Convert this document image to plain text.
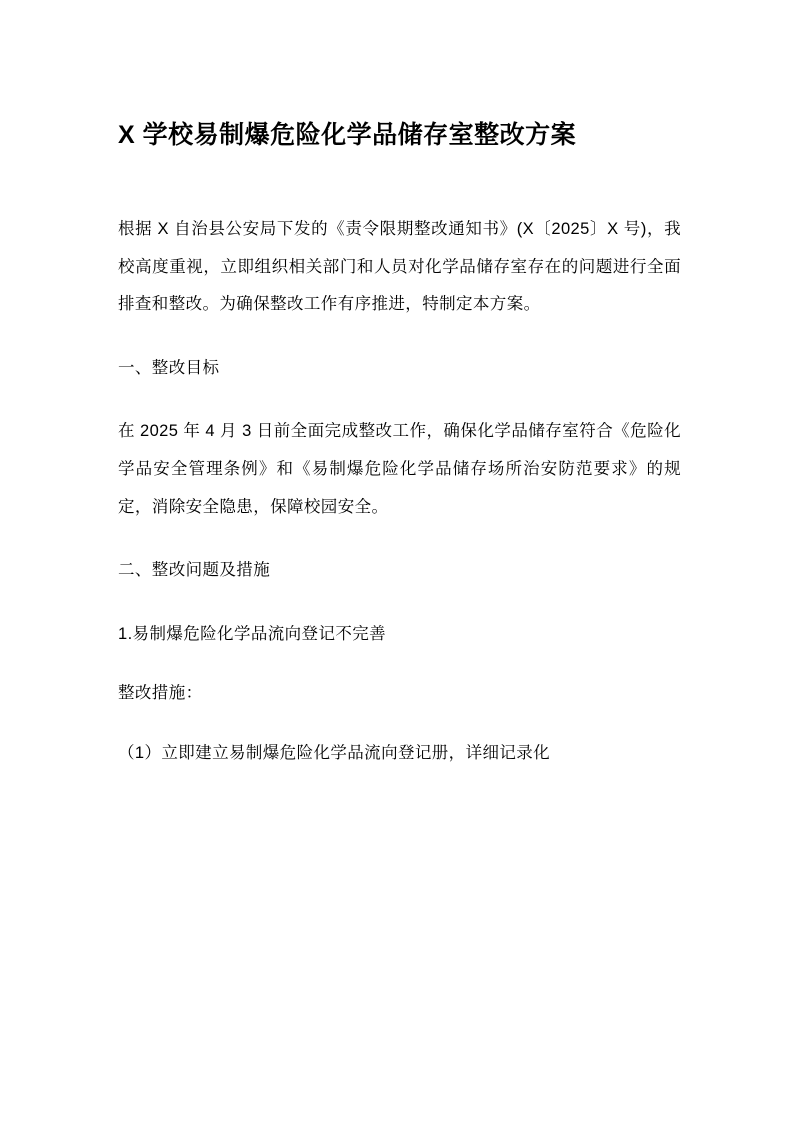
X 学校易制爆危险化学品储存室整改方案

根据 X 自治县公安局下发的《责令限期整改通知书》(X〔2025〕X 号)，我校高度重视，立即组织相关部门和人员对化学品储存室存在的问题进行全面排查和整改。为确保整改工作有序推进，特制定本方案。

一、整改目标

在 2025 年 4 月 3 日前全面完成整改工作，确保化学品储存室符合《危险化学品安全管理条例》和《易制爆危险化学品储存场所治安防范要求》的规定，消除安全隐患，保障校园安全。

二、整改问题及措施

1.易制爆危险化学品流向登记不完善

整改措施：

（1）立即建立易制爆危险化学品流向登记册，详细记录化
